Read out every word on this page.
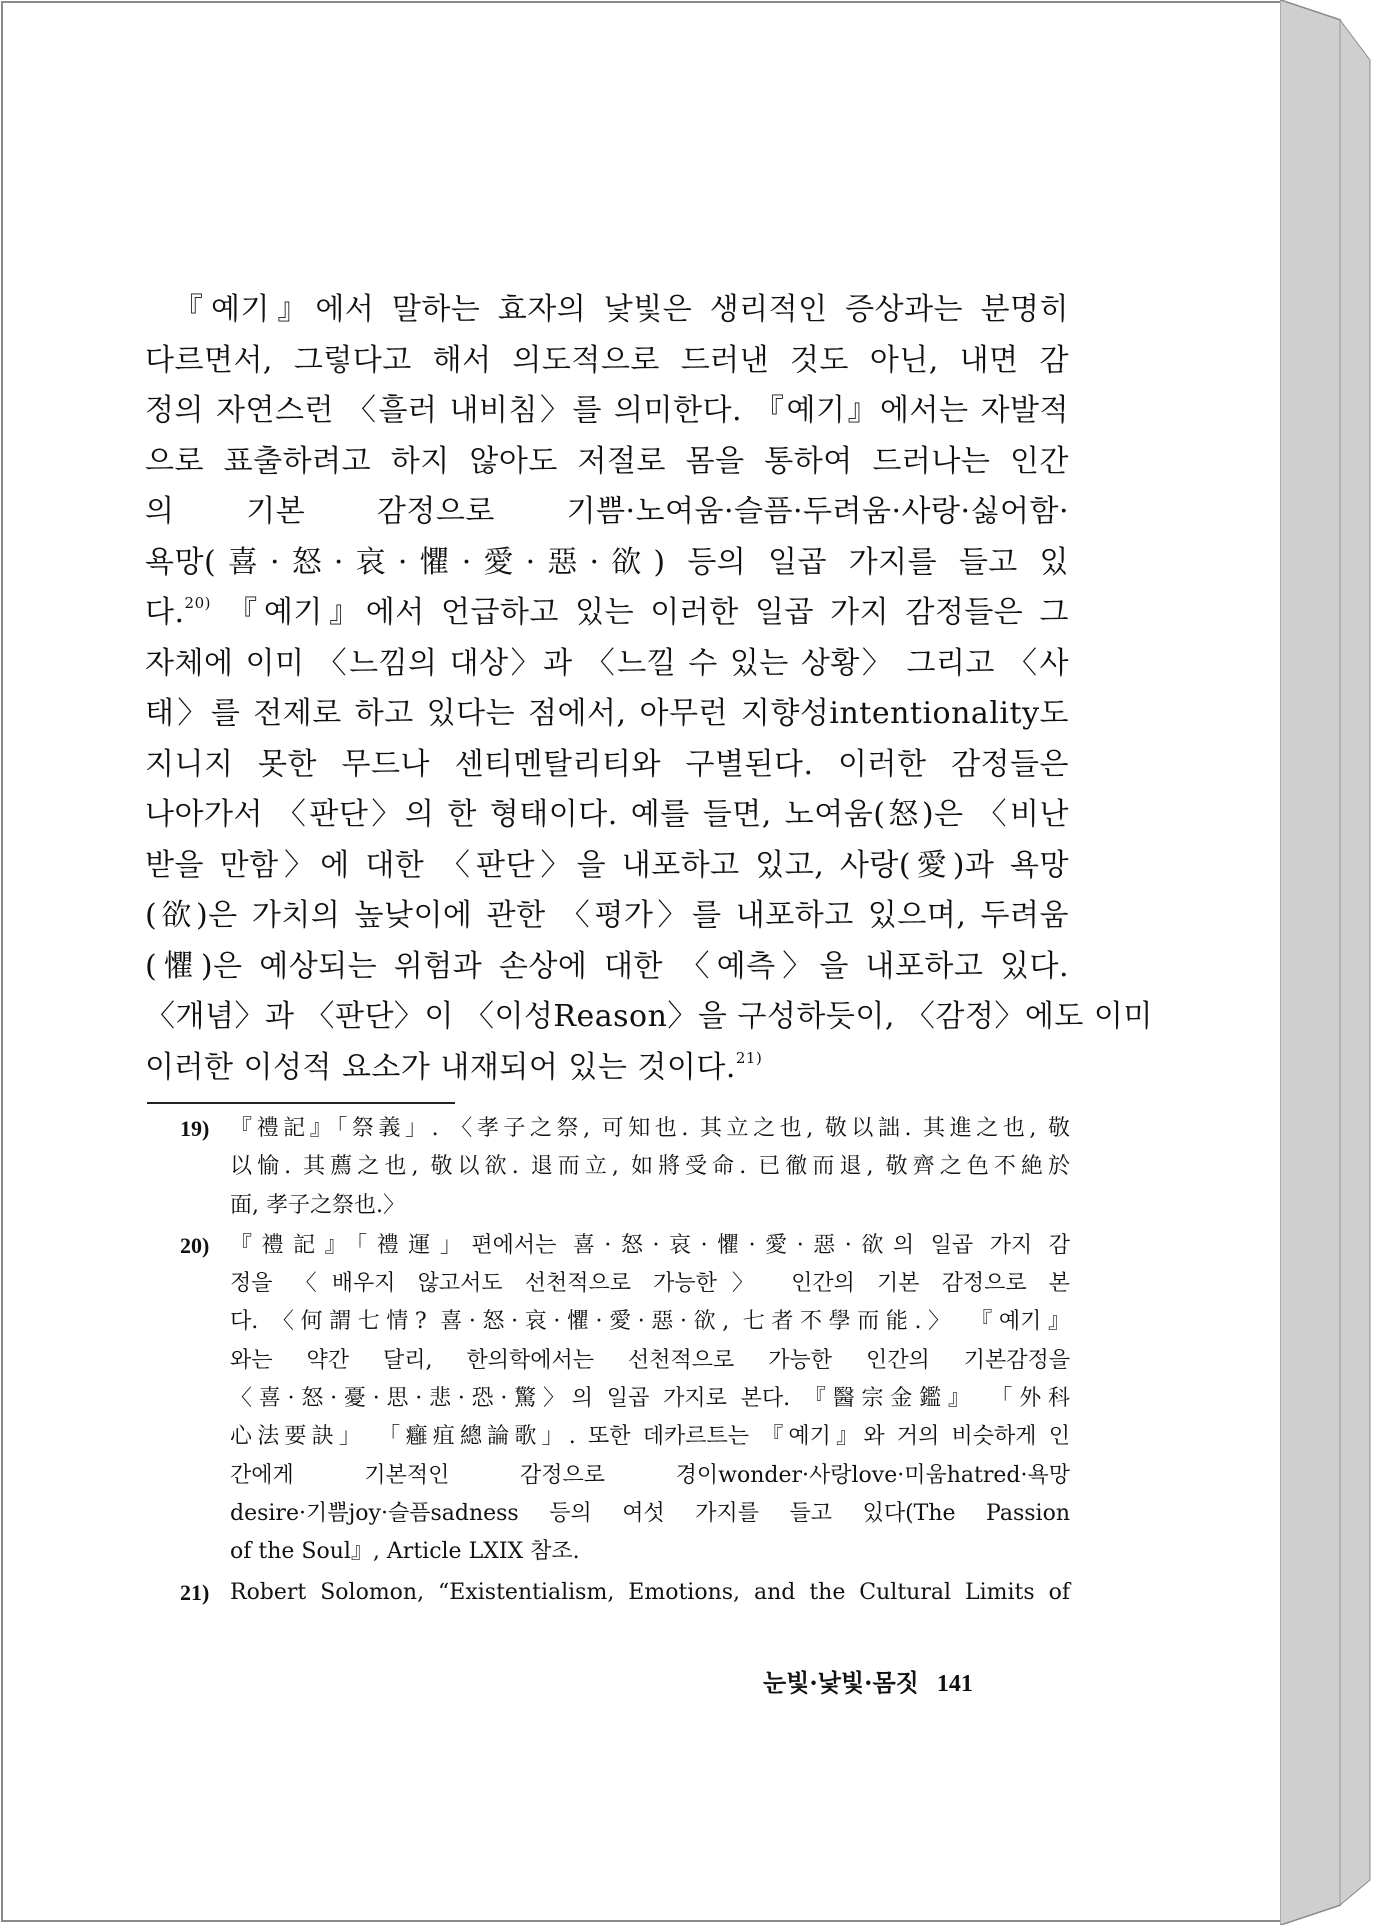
『예기』에서 말하는 효자의 낯빛은 생리적인 증상과는 분명히
다르면서, 그렇다고 해서 의도적으로 드러낸 것도 아닌, 내면 감
정의 자연스런 〈흘러 내비침〉를 의미한다. 『예기』에서는 자발적
으로 표출하려고 하지 않아도 저절로 몸을 통하여 드러나는 인간
의 기본 감정으로 기쁨·노여움·슬픔·두려움·사랑·싫어함·
욕망(喜·怒·哀·懼·愛·惡·欲) 등의 일곱 가지를 들고 있
다.$^{20)}$ 『예기』에서 언급하고 있는 이러한 일곱 가지 감정들은 그
자체에 이미 〈느낌의 대상〉과 〈느낄 수 있는 상황〉 그리고 〈사
태〉를 전제로 하고 있다는 점에서, 아무런 지향성intentionality도
지니지 못한 무드나 센티멘탈리티와 구별된다. 이러한 감정들은
나아가서 〈판단〉의 한 형태이다. 예를 들면, 노여움(怒)은 〈비난
받을 만함〉에 대한 〈판단〉을 내포하고 있고, 사랑(愛)과 욕망
(欲)은 가치의 높낮이에 관한 〈평가〉를 내포하고 있으며, 두려움
(懼)은 예상되는 위험과 손상에 대한 〈예측〉을 내포하고 있다.
〈개념〉과 〈판단〉이 〈이성Reason〉을 구성하듯이, 〈감정〉에도 이미
이러한 이성적 요소가 내재되어 있는 것이다.$^{21)}$
19) 『禮記』「祭義」. 〈孝子之祭, 可知也. 其立之也, 敬以詘. 其進之也, 敬
以愉. 其薦之也, 敬以欲. 退而立, 如將受命. 已徹而退, 敬齊之色不絶於
面, 孝子之祭也.〉
20) 『禮記』「禮運」편에서는 喜·怒·哀·懼·愛·惡·欲의 일곱 가지 감
정을 〈배우지 않고서도 선천적으로 가능한〉 인간의 기본 감정으로 본
다. 〈何謂七情? 喜·怒·哀·懼·愛·惡·欲, 七者不學而能.〉 『예기』
와는 약간 달리, 한의학에서는 선천적으로 가능한 인간의 기본감정을
〈喜·怒·憂·思·悲·恐·驚〉의 일곱 가지로 본다. 『醫宗金鑑』 「外科
心法要訣」 「癰疽總論歌」. 또한 데카르트는 『예기』와 거의 비슷하게 인
간에게 기본적인 감정으로 경이wonder·사랑love·미움hatred·욕망
desire·기쁨joy·슬픔sadness 등의 여섯 가지를 들고 있다(The Passion
of the Soul』, Article LXIX 참조.
21) Robert Solomon, “Existentialism, Emotions, and the Cultural Limits of
눈빛·낯빛·몸짓 141
